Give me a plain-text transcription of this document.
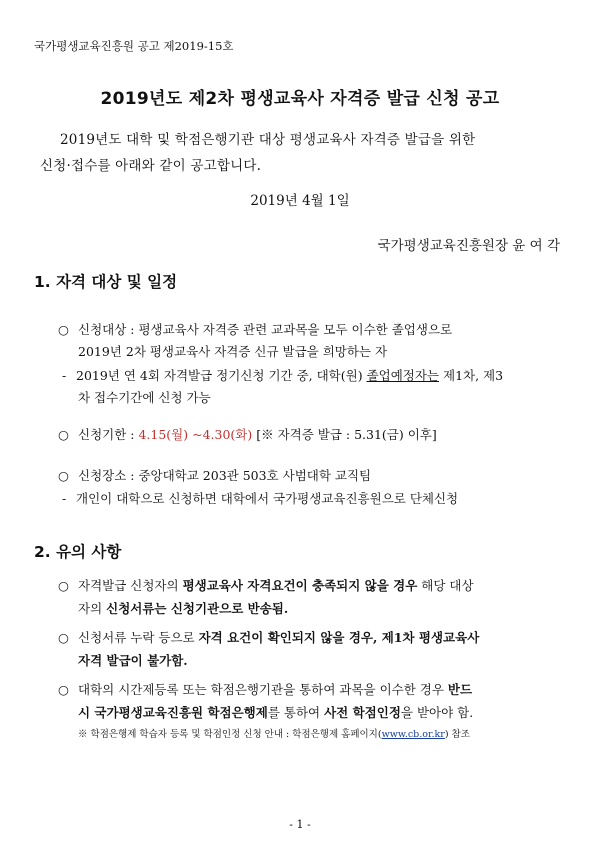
국가평생교육진흥원 공고 제2019-15호
2019년도 제2차 평생교육사 자격증 발급 신청 공고
2019년도 대학 및 학점은행기관 대상 평생교육사 자격증 발급을 위한
신청·접수를 아래와 같이 공고합니다.
2019년 4월 1일
국가평생교육진흥원장 윤 여 각
1. 자격 대상 및 일정
○ 신청대상 : 평생교육사 자격증 관련 교과목을 모두 이수한 졸업생으로
2019년 2차 평생교육사 자격증 신규 발급을 희망하는 자
- 2019년 연 4회 자격발급 정기신청 기간 중, 대학(원) 졸업예정자는 제1차, 제3
차 접수기간에 신청 가능
○ 신청기한 : 4.15(월) ~4.30(화) [※ 자격증 발급 : 5.31(금) 이후]
○ 신청장소 : 중앙대학교 203관 503호 사범대학 교직팀
- 개인이 대학으로 신청하면 대학에서 국가평생교육진흥원으로 단체신청
2. 유의 사항
○ 자격발급 신청자의 평생교육사 자격요건이 충족되지 않을 경우 해당 대상
자의 신청서류는 신청기관으로 반송됨.
○ 신청서류 누락 등으로 자격 요건이 확인되지 않을 경우, 제1차 평생교육사
자격 발급이 불가함.
○ 대학의 시간제등록 또는 학점은행기관을 통하여 과목을 이수한 경우 반드
시 국가평생교육진흥원 학점은행제를 통하여 사전 학점인정을 받아야 함.
※ 학점은행제 학습자 등록 및 학점인정 신청 안내 : 학점은행제 홈페이지(www.cb.or.kr) 참조
- 1 -
